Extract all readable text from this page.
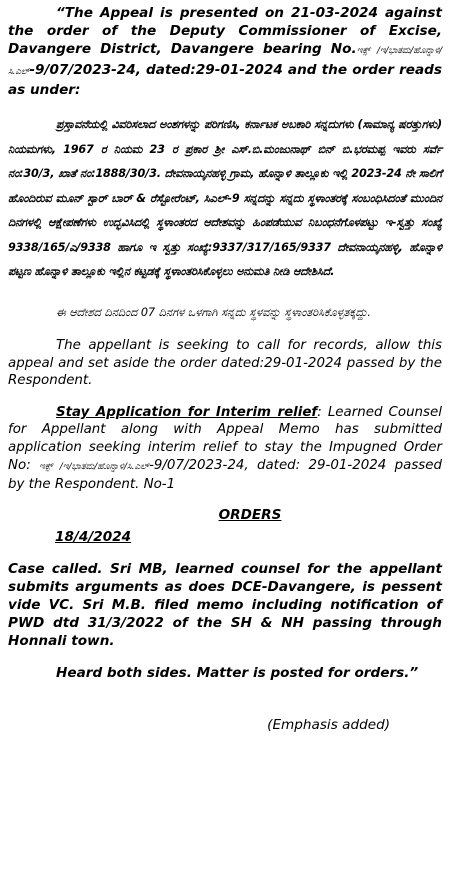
“The Appeal is presented on 21-03-2024 against the order of the Deputy Commissioner of Excise, Davangere District, Davangere bearing No.ಇಕ್ಸ್ /ಇ/ಭಾತಮ/ಹೊನ್ನಾಳಿ/ಸಿ.ಎಲ್-9/07/2023-24, dated:29-01-2024 and the order reads as under:

ಪ್ರಸ್ತಾವನೆಯಲ್ಲಿ ವಿವರಿಸಲಾದ ಅಂಶಗಳನ್ನು ಪರಿಗಣಿಸಿ, ಕರ್ನಾಟಕ ಅಬಕಾರಿ ಸನ್ನದುಗಳು (ಸಾಮಾನ್ಯ ಷರತ್ತುಗಳು) ನಿಯಮಗಳು, 1967 ರ ನಿಯಮ 23 ರ ಪ್ರಕಾರ ಶ್ರೀ ಎಸ್.ಬಿ.ಮಂಜುನಾಥ್ ಬಿನ್ ಬಿ.ಭರಮಪ್ಪ ಇವರು ಸರ್ವೆ ನಂ:30/3, ಖಾತೆ ನಂ:1888/30/3. ದೇವನಾಯ್ಕನಹಳ್ಳಿ ಗ್ರಾಮ, ಹೊನ್ನಾಳಿ ತಾಲ್ಲೂಕು ಇಲ್ಲಿ 2023-24 ನೇ ಸಾಲಿಗೆ ಹೊಂದಿರುವ ಮೂನ್ ಸ್ಟಾರ್ ಬಾರ್ & ರೆಸ್ಟೋರೆಂಟ್, ಸಿಎಲ್-9 ಸನ್ನದನ್ನು ಸನ್ನದು ಸ್ಥಳಾಂತರಕ್ಕೆ ಸಂಬಂಧಿಸಿದಂತೆ ಮುಂದಿನ ದಿನಗಳಲ್ಲಿ ಆಕ್ಷೇಪಣೆಗಳು ಉದ್ಭವಿಸಿದಲ್ಲಿ ಸ್ಥಳಾಂತರದ ಆದೇಶವನ್ನು ಹಿಂಪಡೆಯುವ ನಿಬಂಧನೆಗೊಳಪಟ್ಟು ಇ-ಸ್ವತ್ತು ಸಂಖ್ಯೆ 9338/165/ಎ/9338 ಹಾಗೂ ಇ ಸ್ವತ್ತು ಸಂಖ್ಯೆ:9337/317/165/9337 ದೇವನಾಯ್ಕನಹಳ್ಳಿ, ಹೊನ್ನಾಳಿ ಪಟ್ಟಣ ಹೊನ್ನಾಳಿ ತಾಲ್ಲೂಕು ಇಲ್ಲಿನ ಕಟ್ಟಡಕ್ಕೆ ಸ್ಥಳಾಂತರಿಸಿಕೊಳ್ಳಲು ಅನುಮತಿ ನೀಡಿ ಆದೇಶಿಸಿದೆ.

ಈ ಆದೇಶದ ದಿನದಿಂದ 07 ದಿನಗಳ ಒಳಗಾಗಿ ಸನ್ನದು ಸ್ಥಳವನ್ನು ಸ್ಥಳಾಂತರಿಸಿಕೊಳ್ಳತಕ್ಕದ್ದು.

The appellant is seeking to call for records, allow this appeal and set aside the order dated:29-01-2024 passed by the Respondent.

Stay Application for Interim relief: Learned Counsel for Appellant along with Appeal Memo has submitted application seeking interim relief to stay the Impugned Order No: ಇಕ್ಸ್ /ಇ/ಭಾತಮ/ಹೊನ್ನಾಳಿ/ಸಿ.ಎಲ್-9/07/2023-24, dated: 29-01-2024 passed by the Respondent. No-1

ORDERS
18/4/2024

Case called. Sri MB, learned counsel for the appellant submits arguments as does DCE-Davangere, is pessent vide VC. Sri M.B. filed memo including notification of PWD dtd 31/3/2022 of the SH & NH passing through Honnali town.

Heard both sides. Matter is posted for orders.”

(Emphasis added)
